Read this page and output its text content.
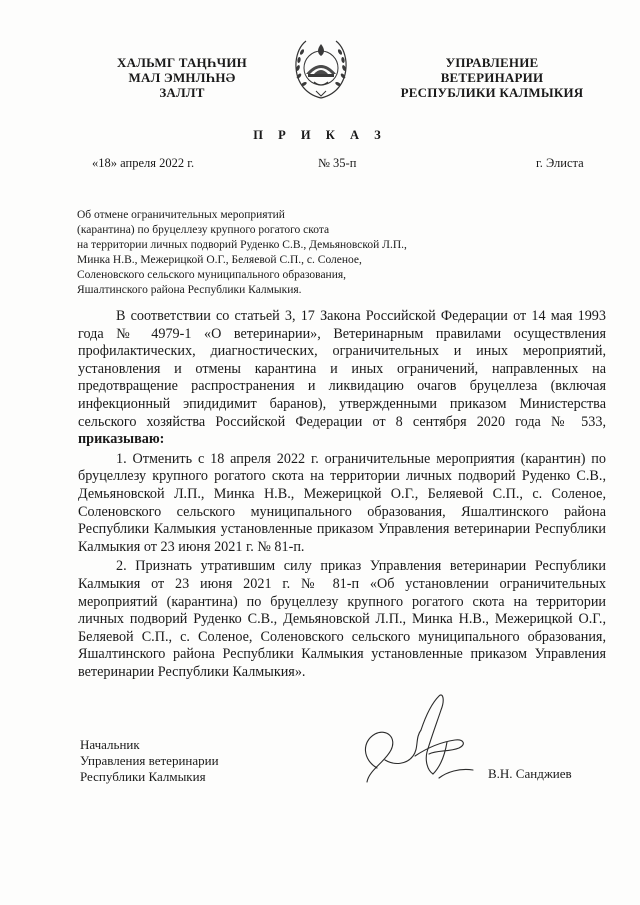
ХАЛЬМГ ТАҢҺЧИН
МАЛ ЭМНЛҺНӘ
ЗАЛЛТ
УПРАВЛЕНИЕ
ВЕТЕРИНАРИИ
РЕСПУБЛИКИ КАЛМЫКИЯ
П Р И К А З
«18» апреля 2022 г.	№ 35-п	г. Элиста
Об отмене ограничительных мероприятий
(карантина) по бруцеллезу крупного рогатого скота
на территории личных подворий Руденко С.В., Демьяновской Л.П.,
Минка Н.В., Межерицкой О.Г., Беляевой С.П., с. Соленое,
Соленовского сельского муниципального образования,
Яшалтинского района Республики Калмыкия.

В соответствии со статьей 3, 17 Закона Российской Федерации от 14 мая 1993 года № 4979-1 «О ветеринарии», Ветеринарным правилами осуществления профилактических, диагностических, ограничительных и иных мероприятий, установления и отмены карантина и иных ограничений, направленных на предотвращение распространения и ликвидацию очагов бруцеллеза (включая инфекционный эпидидимит баранов), утвержденными приказом Министерства сельского хозяйства Российской Федерации от 8 сентября 2020 года № 533, приказываю:

1. Отменить с 18 апреля 2022 г. ограничительные мероприятия (карантин) по бруцеллезу крупного рогатого скота на территории личных подворий Руденко С.В., Демьяновской Л.П., Минка Н.В., Межерицкой О.Г., Беляевой С.П., с. Соленое, Соленовского сельского муниципального образования, Яшалтинского района Республики Калмыкия установленные приказом Управления ветеринарии Республики Калмыкия от 23 июня 2021 г. № 81-п.

2. Признать утратившим силу приказ Управления ветеринарии Республики Калмыкия от 23 июня 2021 г. № 81-п «Об установлении ограничительных мероприятий (карантина) по бруцеллезу крупного рогатого скота на территории личных подворий Руденко С.В., Демьяновской Л.П., Минка Н.В., Межерицкой О.Г., Беляевой С.П., с. Соленое, Соленовского сельского муниципального образования, Яшалтинского района Республики Калмыкия установленные приказом Управления ветеринарии Республики Калмыкия».

Начальник
Управления ветеринарии
Республики Калмыкия	В.Н. Санджиев
